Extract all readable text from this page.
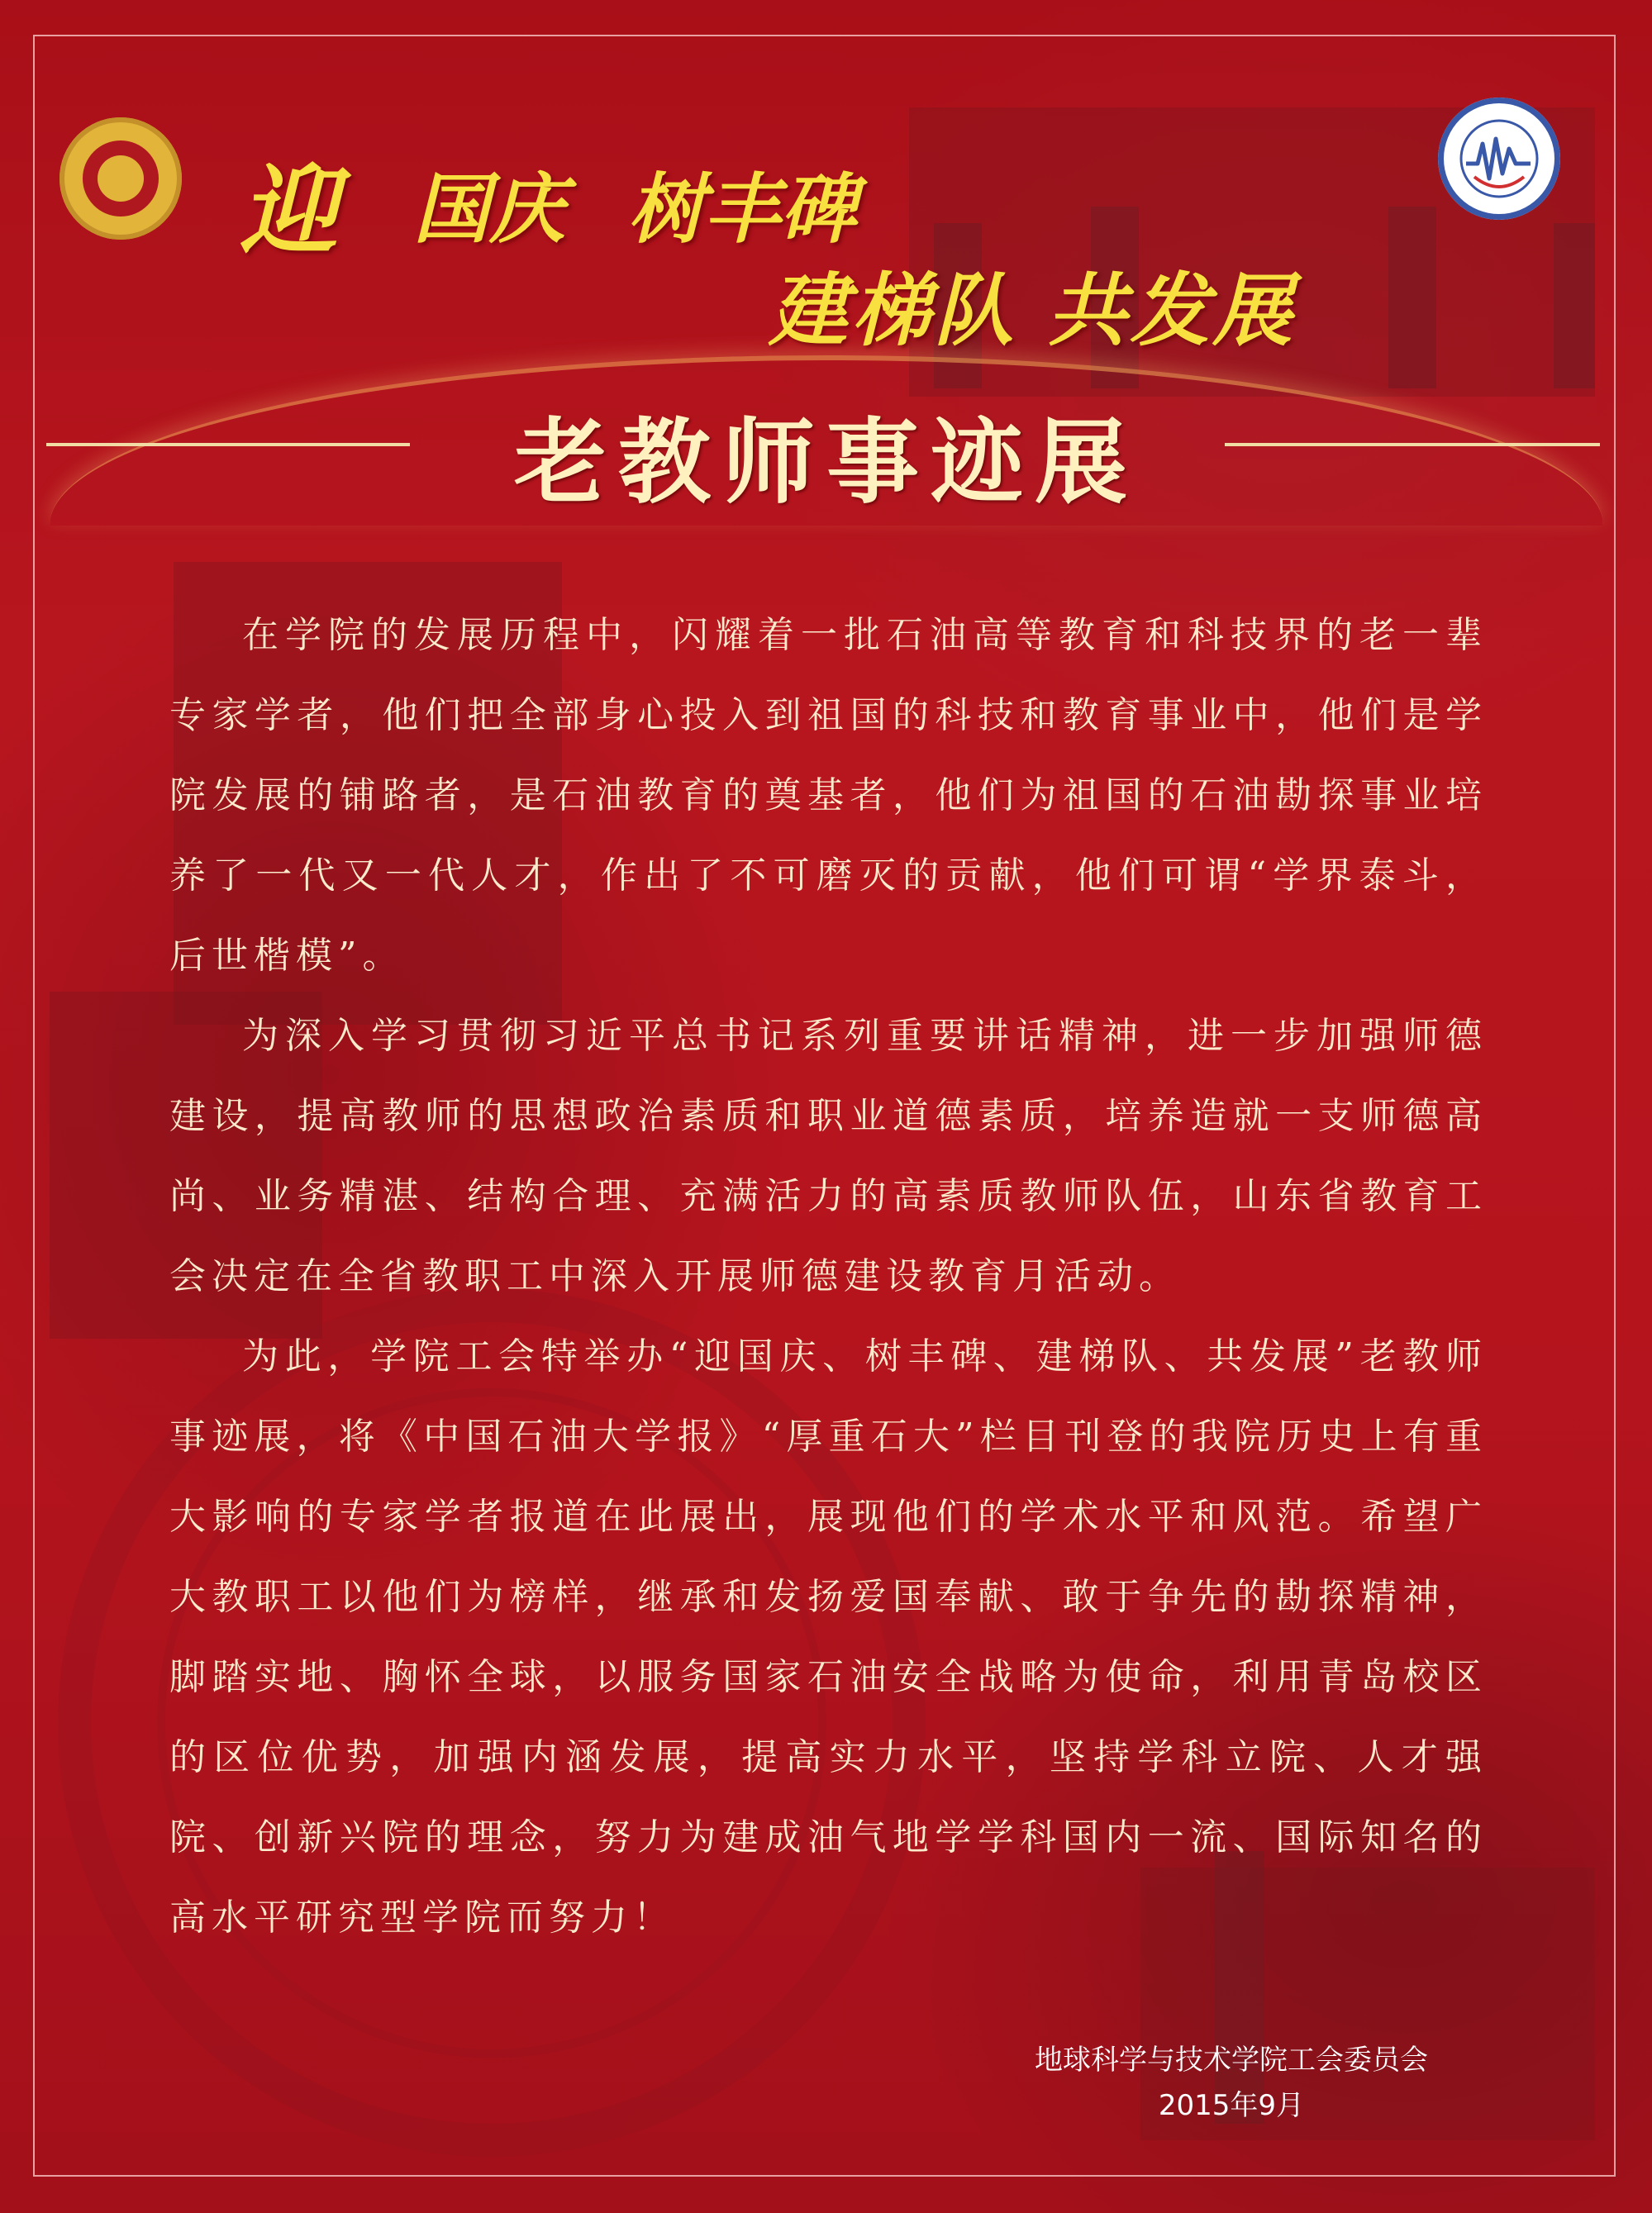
迎 国庆 树丰碑
建梯队 共发展
老教师事迹展

在学院的发展历程中，闪耀着一批石油高等教育和科技界的老一辈专家学者，他们把全部身心投入到祖国的科技和教育事业中，他们是学院发展的铺路者，是石油教育的奠基者，他们为祖国的石油勘探事业培养了一代又一代人才，作出了不可磨灭的贡献，他们可谓“学界泰斗，后世楷模”。

为深入学习贯彻习近平总书记系列重要讲话精神，进一步加强师德建设，提高教师的思想政治素质和职业道德素质，培养造就一支师德高尚、业务精湛、结构合理、充满活力的高素质教师队伍，山东省教育工会决定在全省教职工中深入开展师德建设教育月活动。

为此，学院工会特举办“迎国庆、树丰碑、建梯队、共发展”老教师事迹展，将《中国石油大学报》“厚重石大”栏目刊登的我院历史上有重大影响的专家学者报道在此展出，展现他们的学术水平和风范。希望广大教职工以他们为榜样，继承和发扬爱国奉献、敢于争先的勘探精神，脚踏实地、胸怀全球，以服务国家石油安全战略为使命，利用青岛校区的区位优势，加强内涵发展，提高实力水平，坚持学科立院、人才强院、创新兴院的理念，努力为建成油气地学学科国内一流、国际知名的高水平研究型学院而努力！

地球科学与技术学院工会委员会
2015年9月
